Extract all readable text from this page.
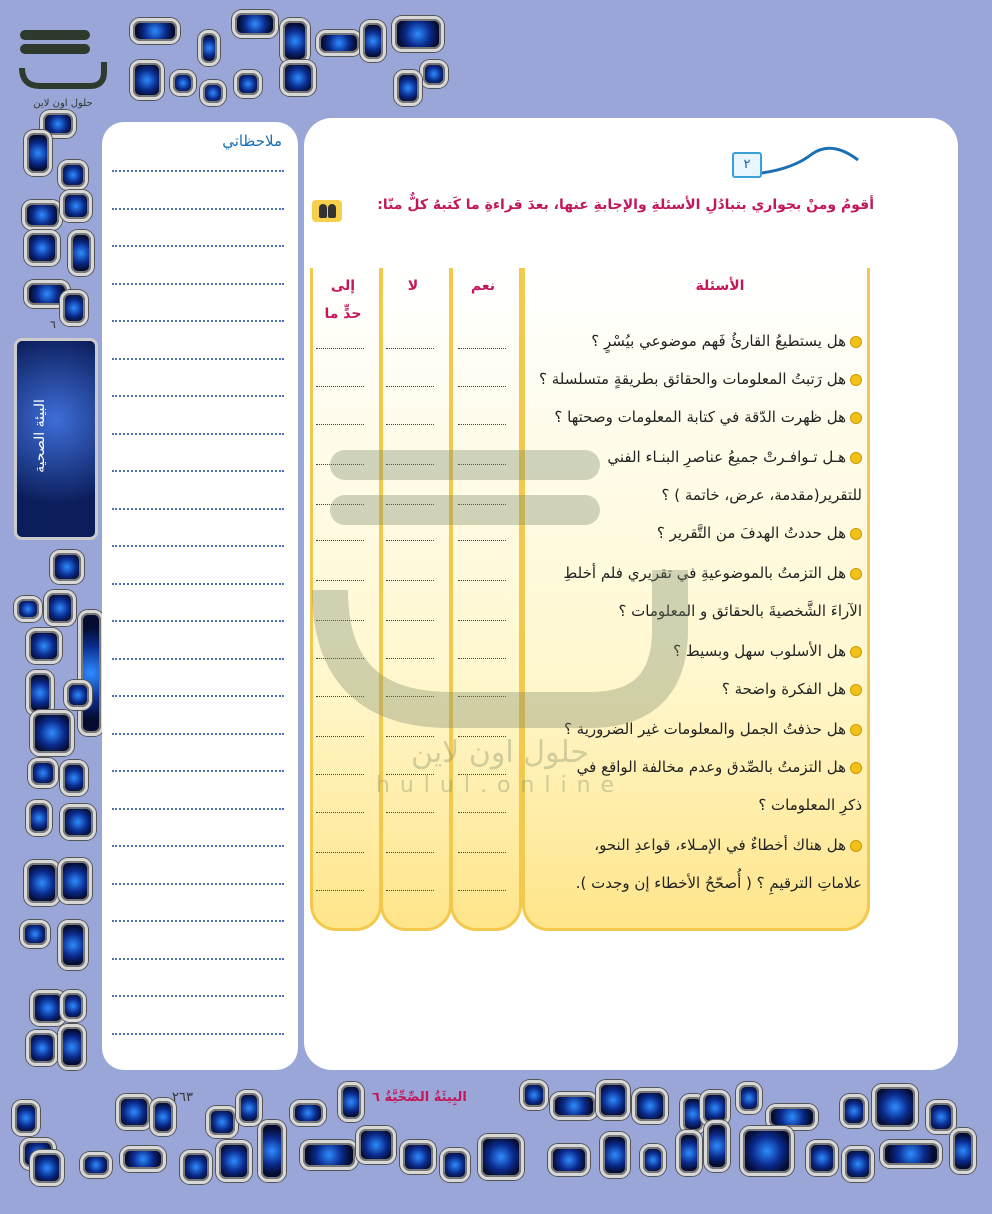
حلول اون لاين
٦
البيئة الصحية
ملاحظاتي
٢
أقومُ ومنْ بجواري بتبادُلِ الأسئلةِ والإجابةِ عنها، بعدَ قراءةِ ما كَتبهُ كلٌّ منّا:
الأسئلة
نعم
لا
إلى
حدٍّ ما
هل يستطيعُ القارئُ فَهم موضوعي بيُسْرٍ ؟
هل رَتبتُ المعلومات والحقائق بطريقةٍ متسلسلة ؟
هل ظهرت الدّقة في كتابة المعلومات وصحتها ؟
هـل تـوافـرتْ جميعُ عناصرِ البنـاء الفني
للتقرير(مقدمة، عرض، خاتمة ) ؟
هل حددتُ الهدفَ من التَّقرير ؟
هل التزمتُ بالموضوعيةِ في تقريري فلم أخلطِ
الآراءَ الشَّخصيةَ بالحقائق و المعلومات ؟
هل الأسلوب سهل وبسيط ؟
هل الفكرة واضحة ؟
هل حذفتُ الجمل والمعلومات غير الضرورية ؟
هل التزمتُ بالصِّدق وعدم مخالفة الواقع في
ذكرِ المعلومات ؟
هل هناك أخطاءٌ في الإمـلاء، قواعدِ النحو،
علاماتِ الترقيمِ ؟ ( أُصحّحُ الأخطاء إن وجدت ).
حلول اون لاين
hulul.online
البِيئَةُ الصِّحِّيَّةُ ٦
٢٦٣
